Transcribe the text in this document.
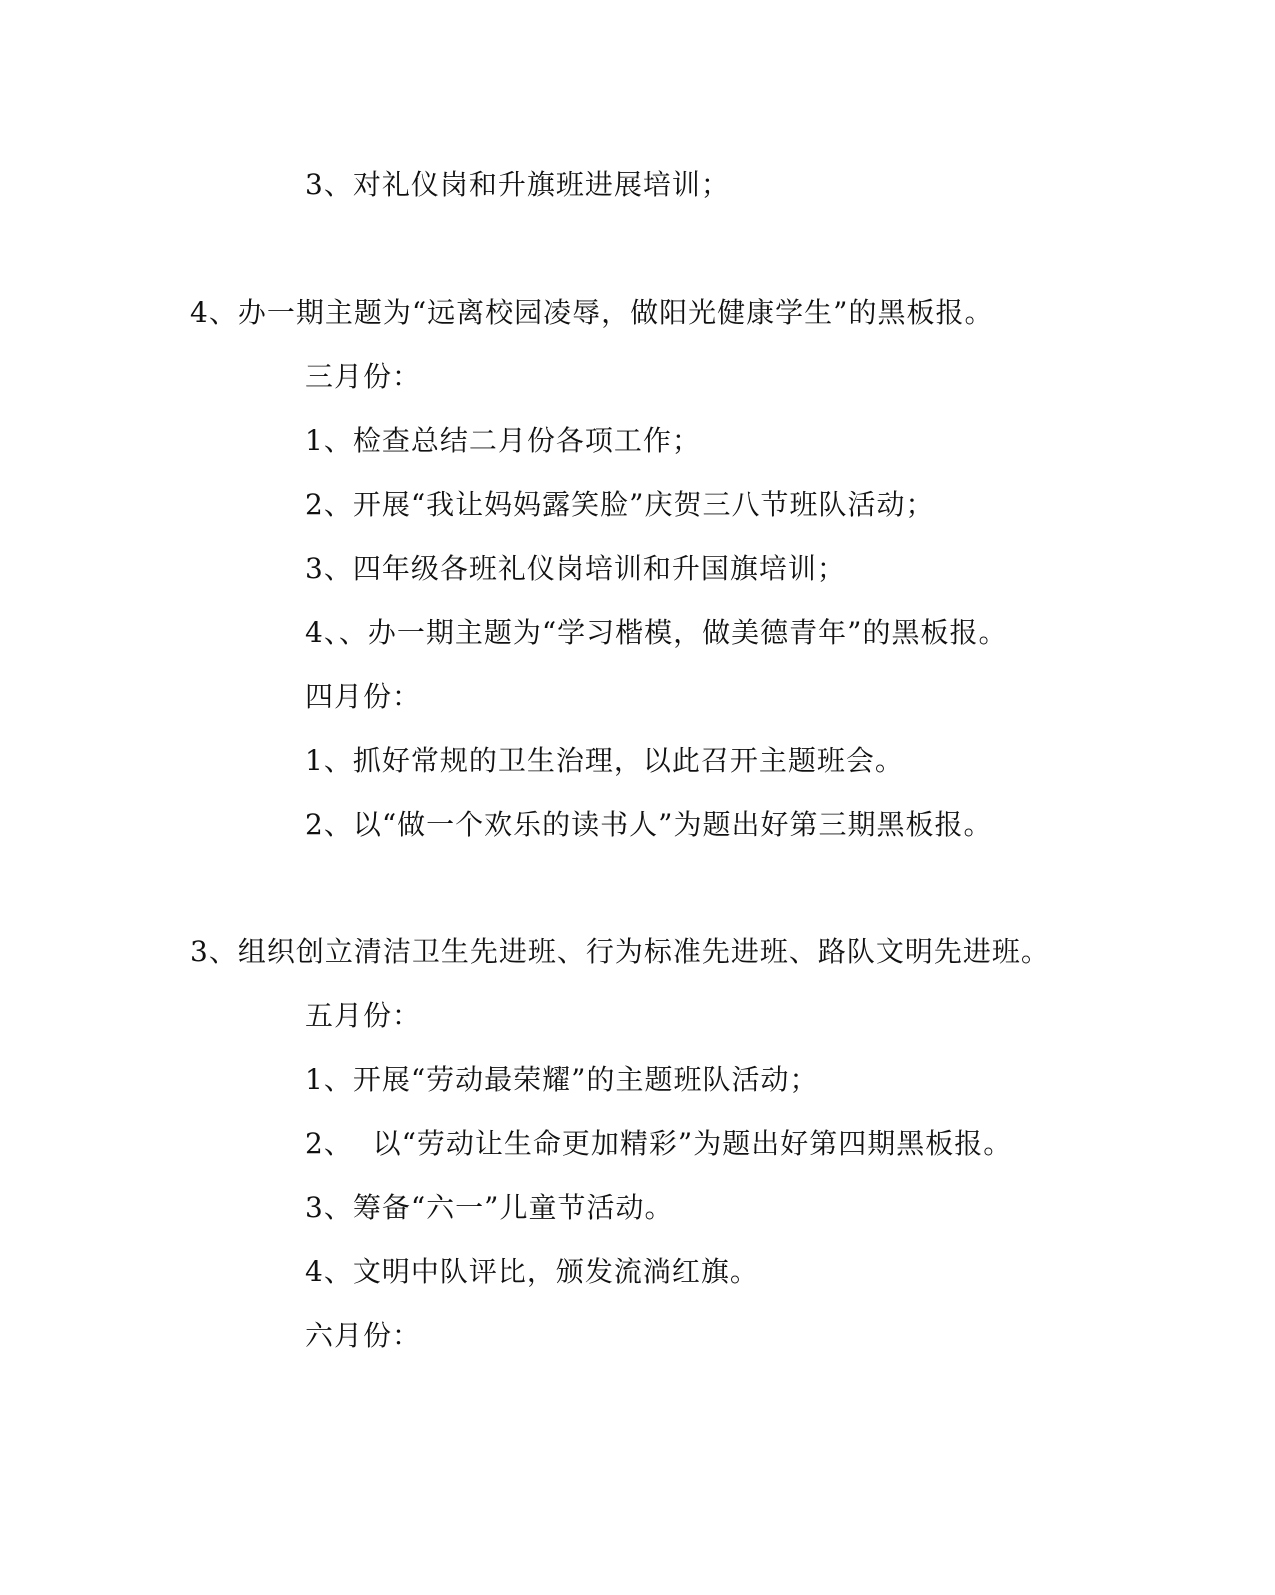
3、对礼仪岗和升旗班进展培训；
4、办一期主题为“远离校园凌辱，做阳光健康学生”的黑板报。
三月份：
1、检查总结二月份各项工作；
2、开展“我让妈妈露笑脸”庆贺三八节班队活动；
3、四年级各班礼仪岗培训和升国旗培训；
4、、办一期主题为“学习楷模，做美德青年”的黑板报。
四月份：
1、抓好常规的卫生治理，以此召开主题班会。
2、以“做一个欢乐的读书人”为题出好第三期黑板报。
3、组织创立清洁卫生先进班、行为标准先进班、路队文明先进班。
五月份：
1、开展“劳动最荣耀”的主题班队活动；
2、  以“劳动让生命更加精彩”为题出好第四期黑板报。
3、筹备“六一”儿童节活动。
4、文明中队评比，颁发流淌红旗。
六月份：
